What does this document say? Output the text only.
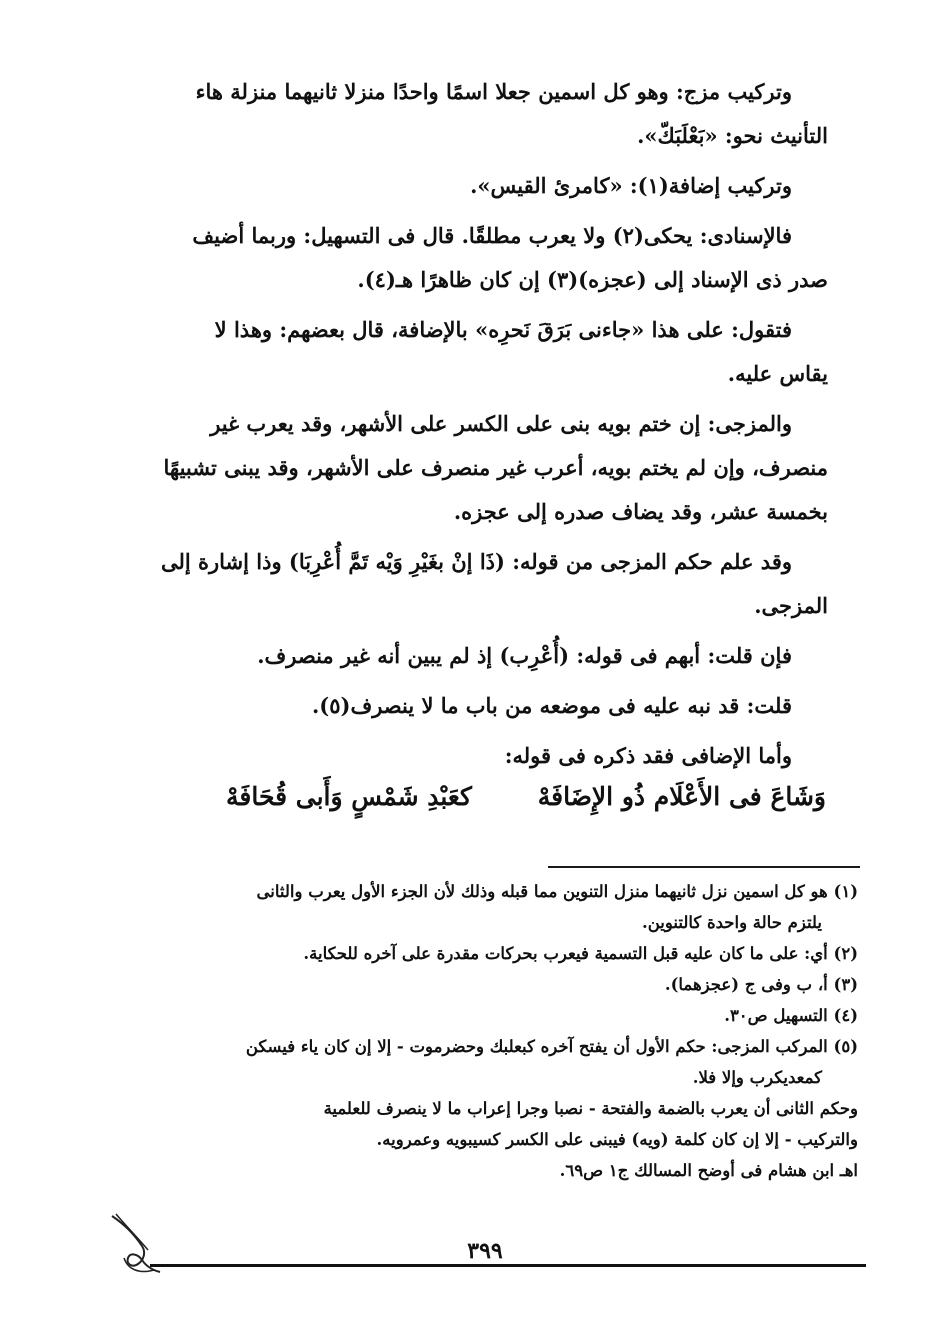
وتركيب مزج: وهو كل اسمين جعلا اسمًا واحدًا منزلا ثانيهما منزلة هاء
التأنيث نحو: «بَعْلَبَكّ».

وتركيب إضافة(١): «كامرئ القيس».

فالإسنادى: يحكى(٢) ولا يعرب مطلقًا. قال فى التسهيل: وربما أضيف
صدر ذى الإسناد إلى (عجزه)(٣) إن كان ظاهرًا هـ(٤).

فتقول: على هذا «جاءنى بَرَقَ نَحرِه» بالإضافة، قال بعضهم: وهذا لا
يقاس عليه.

والمزجى: إن ختم بويه بنى على الكسر على الأشهر، وقد يعرب غير
منصرف، وإن لم يختم بويه، أعرب غير منصرف على الأشهر، وقد يبنى تشبيهًا
بخمسة عشر، وقد يضاف صدره إلى عجزه.

وقد علم حكم المزجى من قوله: (ذَا إنْ بغَيْرِ وَيْه تَمَّ أُعْرِبَا) وذا إشارة إلى
المزجى.

فإن قلت: أبهم فى قوله: (أُعْرِب) إذ لم يبين أنه غير منصرف.

قلت: قد نبه عليه فى موضعه من باب ما لا ينصرف(٥).

وأما الإضافى فقد ذكره فى قوله:

وَشَاعَ فى الأَعْلَام ذُو الإِضَافَهْ
كعَبْدِ شَمْسٍ وَأَبى قُحَافَهْ

(١) هو كل اسمين نزل ثانيهما منزل التنوين مما قبله وذلك لأن الجزء الأول يعرب والثانى

يلتزم حالة واحدة كالتنوين.

(٢) أي: على ما كان عليه قبل التسمية فيعرب بحركات مقدرة على آخره للحكاية.

(٣) أ، ب وفى ج (عجزهما).

(٤) التسهيل ص٣٠.

(٥) المركب المزجى: حكم الأول أن يفتح آخره كبعلبك وحضرموت - إلا إن كان ياء فيسكن

كمعديكرب وإلا فلا.

وحكم الثانى أن يعرب بالضمة والفتحة - نصبا وجرا إعراب ما لا ينصرف للعلمية

والتركيب - إلا إن كان كلمة (ويه) فيبنى على الكسر كسيبويه وعمرويه.

اهـ ابن هشام فى أوضح المسالك ج١ ص٦٩.

٣٩٩
